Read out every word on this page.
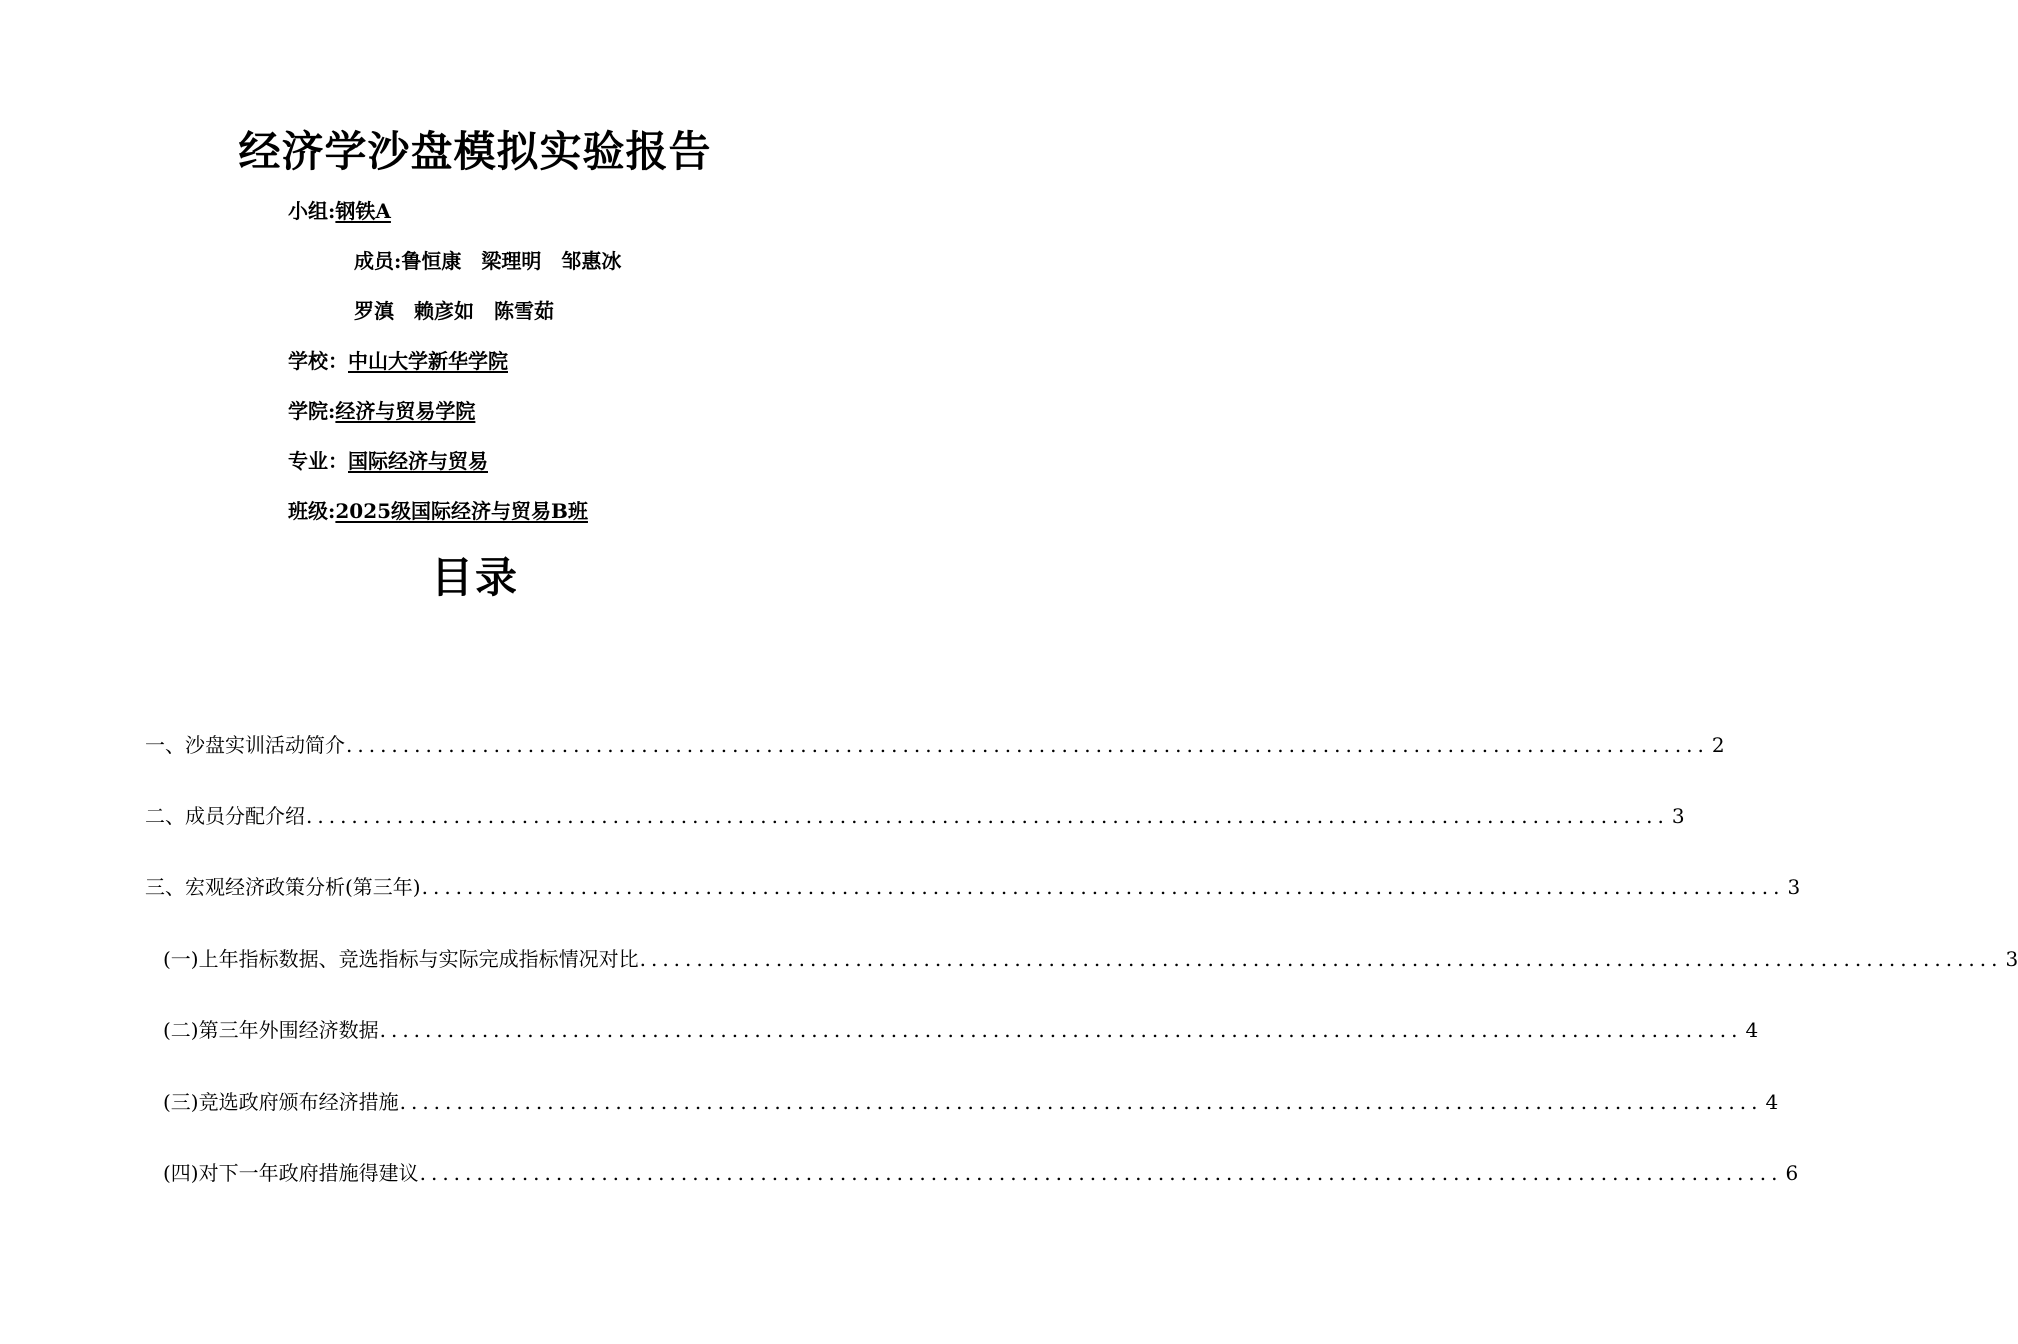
经济学沙盘模拟实验报告
小组:钢铁A
成员:鲁恒康　梁理明　邹惠冰
罗滇　赖彦如　陈雪茹
学校：中山大学新华学院
学院:经济与贸易学院
专业：国际经济与贸易
班级:2025级国际经济与贸易B班
目录
一、沙盘实训活动简介 ........................................................................................................................ 2
二、成员分配介绍 ........................................................................................................................ 3
三、宏观经济政策分析(第三年) ........................................................................................................................ 3
(一)上年指标数据、竞选指标与实际完成指标情况对比 ........................................................................................................................ 3
(二)第三年外围经济数据 ........................................................................................................................ 4
(三)竞选政府颁布经济措施 ........................................................................................................................ 4
(四)对下一年政府措施得建议 ........................................................................................................................ 6
